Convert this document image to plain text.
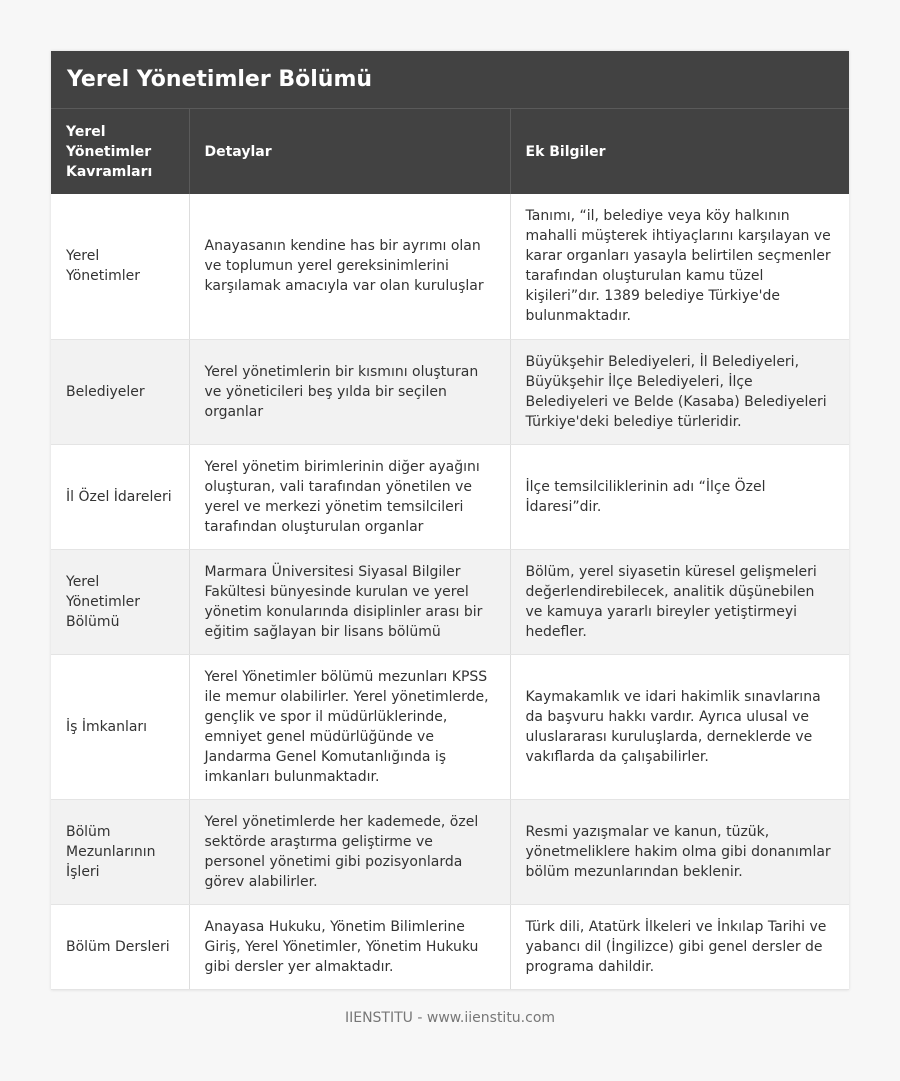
Yerel Yönetimler Bölümü
Yerel Yönetimler Kavramları	Detaylar	Ek Bilgiler
Yerel Yönetimler	Anayasanın kendine has bir ayrımı olan ve toplumun yerel gereksinimlerini karşılamak amacıyla var olan kuruluşlar	Tanımı, “il, belediye veya köy halkının mahalli müşterek ihtiyaçlarını karşılayan ve karar organları yasayla belirtilen seçmenler tarafından oluşturulan kamu tüzel kişileri”dır. 1389 belediye Türkiye'de bulunmaktadır.
Belediyeler	Yerel yönetimlerin bir kısmını oluşturan ve yöneticileri beş yılda bir seçilen organlar	Büyükşehir Belediyeleri, İl Belediyeleri, Büyükşehir İlçe Belediyeleri, İlçe Belediyeleri ve Belde (Kasaba) Belediyeleri Türkiye'deki belediye türleridir.
İl Özel İdareleri	Yerel yönetim birimlerinin diğer ayağını oluşturan, vali tarafından yönetilen ve yerel ve merkezi yönetim temsilcileri tarafından oluşturulan organlar	İlçe temsilciliklerinin adı “İlçe Özel İdaresi”dir.
Yerel Yönetimler Bölümü	Marmara Üniversitesi Siyasal Bilgiler Fakültesi bünyesinde kurulan ve yerel yönetim konularında disiplinler arası bir eğitim sağlayan bir lisans bölümü	Bölüm, yerel siyasetin küresel gelişmeleri değerlendirebilecek, analitik düşünebilen ve kamuya yararlı bireyler yetiştirmeyi hedefler.
İş İmkanları	Yerel Yönetimler bölümü mezunları KPSS ile memur olabilirler. Yerel yönetimlerde, gençlik ve spor il müdürlüklerinde, emniyet genel müdürlüğünde ve Jandarma Genel Komutanlığında iş imkanları bulunmaktadır.	Kaymakamlık ve idari hakimlik sınavlarına da başvuru hakkı vardır. Ayrıca ulusal ve uluslararası kuruluşlarda, derneklerde ve vakıflarda da çalışabilirler.
Bölüm Mezunlarının İşleri	Yerel yönetimlerde her kademede, özel sektörde araştırma geliştirme ve personel yönetimi gibi pozisyonlarda görev alabilirler.	Resmi yazışmalar ve kanun, tüzük, yönetmeliklere hakim olma gibi donanımlar bölüm mezunlarından beklenir.
Bölüm Dersleri	Anayasa Hukuku, Yönetim Bilimlerine Giriş, Yerel Yönetimler, Yönetim Hukuku gibi dersler yer almaktadır.	Türk dili, Atatürk İlkeleri ve İnkılap Tarihi ve yabancı dil (İngilizce) gibi genel dersler de programa dahildir.
IIENSTITU - www.iienstitu.com
